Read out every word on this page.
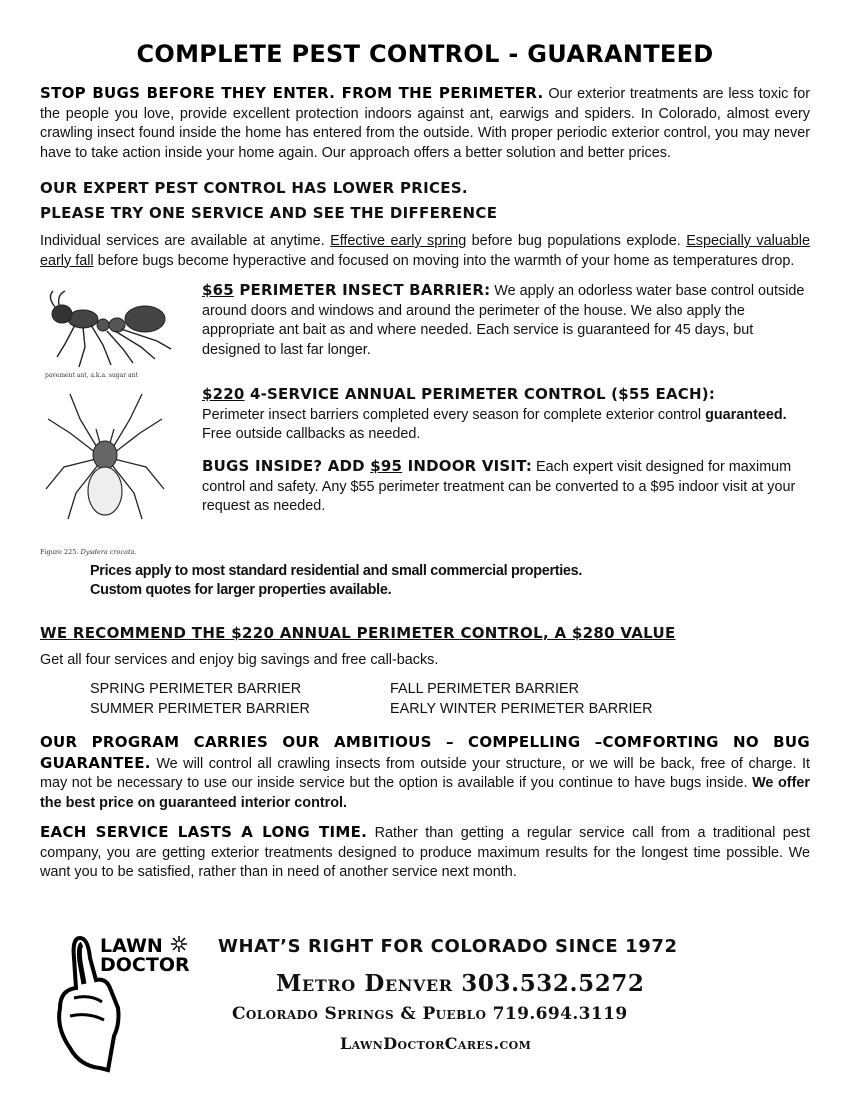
COMPLETE PEST CONTROL - GUARANTEED

STOP BUGS BEFORE THEY ENTER. FROM THE PERIMETER. Our exterior treatments are less toxic for the people you love, provide excellent protection indoors against ant, earwigs and spiders. In Colorado, almost every crawling insect found inside the home has entered from the outside. With proper periodic exterior control, you may never have to take action inside your home again. Our approach offers a better solution and better prices.

OUR EXPERT PEST CONTROL HAS LOWER PRICES.
PLEASE TRY ONE SERVICE AND SEE THE DIFFERENCE

Individual services are available at anytime. Effective early spring before bug populations explode. Especially valuable early fall before bugs become hyperactive and focused on moving into the warmth of your home as temperatures drop.

pavement ant, a.k.a. sugar ant
Figure 225. Dysdera crocata.

$65 PERIMETER INSECT BARRIER: We apply an odorless water base control outside around doors and windows and around the perimeter of the house. We also apply the appropriate ant bait as and where needed. Each service is guaranteed for 45 days, but designed to last far longer.

$220 4-SERVICE ANNUAL PERIMETER CONTROL ($55 EACH):
Perimeter insect barriers completed every season for complete exterior control guaranteed. Free outside callbacks as needed.

BUGS INSIDE? ADD $95 INDOOR VISIT: Each expert visit designed for maximum control and safety. Any $55 perimeter treatment can be converted to a $95 indoor visit at your request as needed.

Prices apply to most standard residential and small commercial properties.
Custom quotes for larger properties available.
WE RECOMMEND THE $220 ANNUAL PERIMETER CONTROL, A $280 VALUE
Get all four services and enjoy big savings and free call-backs.
SPRING PERIMETER BARRIER	FALL PERIMETER BARRIER
SUMMER PERIMETER BARRIER	EARLY WINTER PERIMETER BARRIER

OUR PROGRAM CARRIES OUR AMBITIOUS – COMPELLING –COMFORTING NO BUG GUARANTEE. We will control all crawling insects from outside your structure, or we will be back, free of charge. It may not be necessary to use our inside service but the option is available if you continue to have bugs inside. We offer the best price on guaranteed interior control.

EACH SERVICE LASTS A LONG TIME. Rather than getting a regular service call from a traditional pest company, you are getting exterior treatments designed to produce maximum results for the longest time possible. We want you to be satisfied, rather than in need of another service next month.

LAWN
DOCTOR
WHAT’S RIGHT FOR COLORADO SINCE 1972
Metro Denver 303.532.5272
Colorado Springs & Pueblo 719.694.3119
LawnDoctorCares.com
